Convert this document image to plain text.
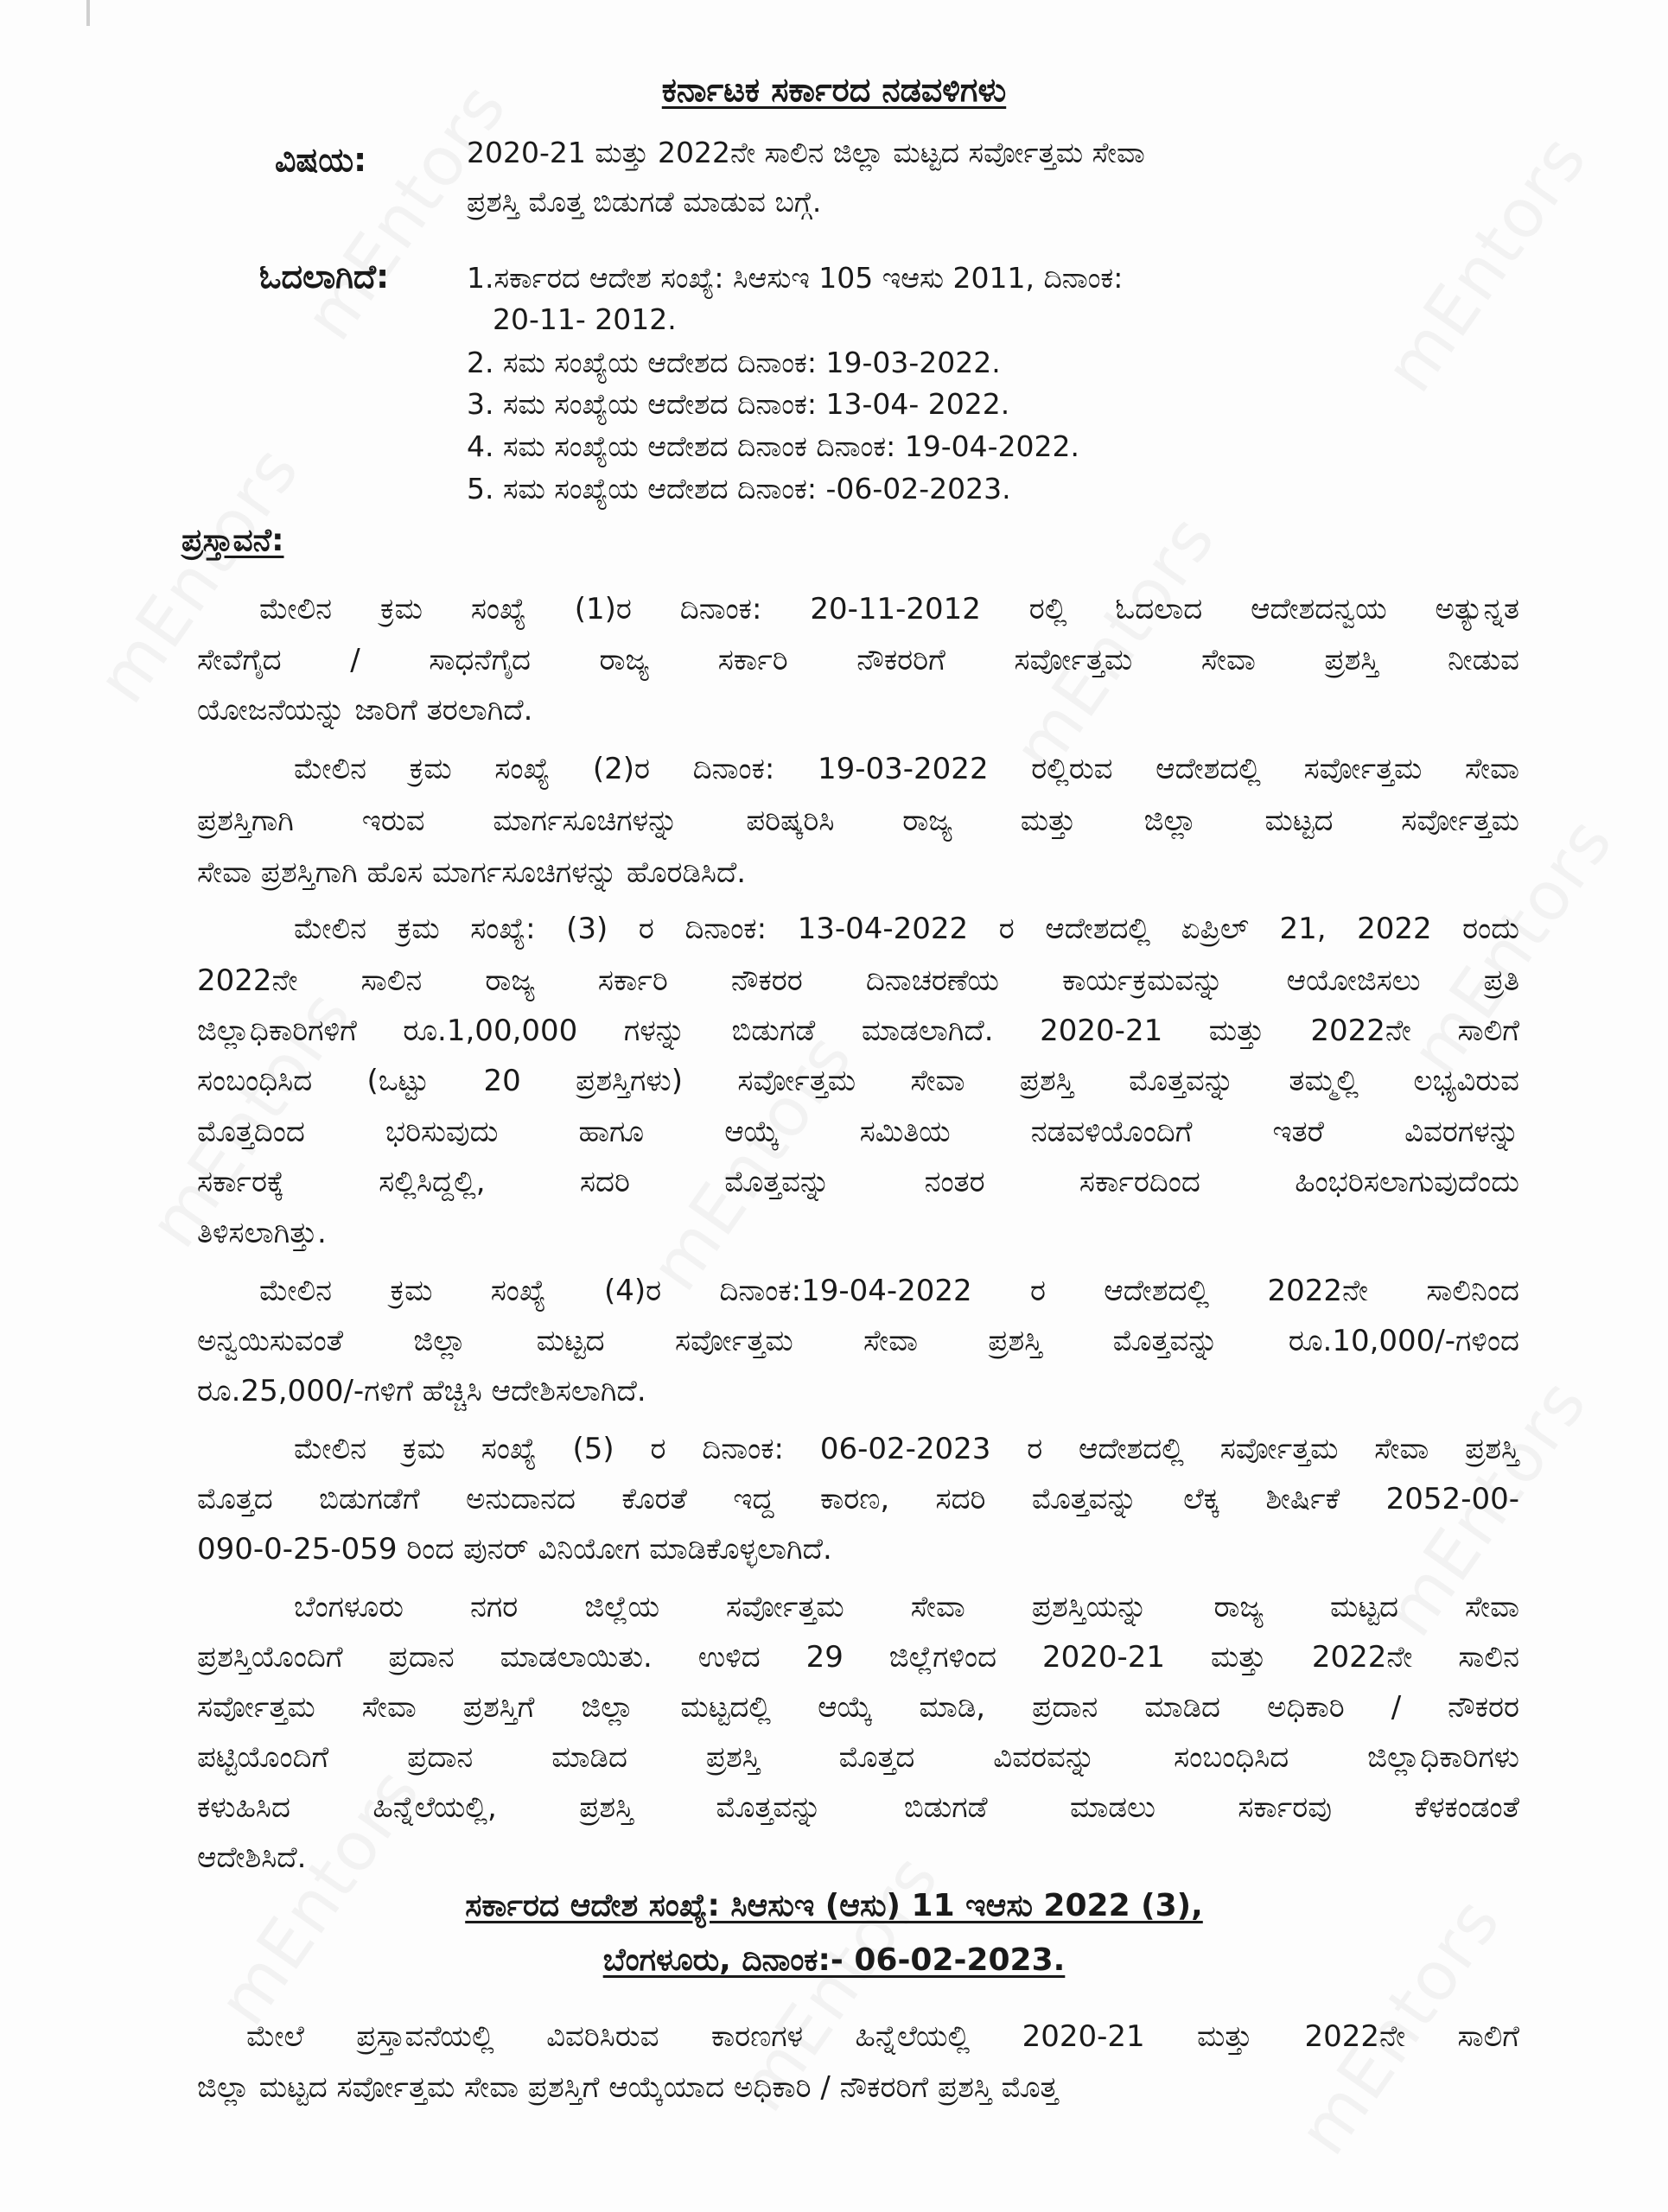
ಕರ್ನಾಟಕ ಸರ್ಕಾರದ ನಡವಳಿಗಳು
ವಿಷಯ:	2020-21 ಮತ್ತು 2022ನೇ ಸಾಲಿನ ಜಿಲ್ಲಾ ಮಟ್ಟದ ಸರ್ವೋತ್ತಮ ಸೇವಾ
ಪ್ರಶಸ್ತಿ ಮೊತ್ತ ಬಿಡುಗಡೆ ಮಾಡುವ ಬಗ್ಗೆ.
ಓದಲಾಗಿದೆ:	1.ಸರ್ಕಾರದ ಆದೇಶ ಸಂಖ್ಯೆ: ಸಿಆಸುಇ 105 ಇಆಸು 2011, ದಿನಾಂಕ:
20-11- 2012.
2. ಸಮ ಸಂಖ್ಯೆಯ ಆದೇಶದ ದಿನಾಂಕ: 19-03-2022.
3. ಸಮ ಸಂಖ್ಯೆಯ ಆದೇಶದ ದಿನಾಂಕ: 13-04- 2022.
4. ಸಮ ಸಂಖ್ಯೆಯ ಆದೇಶದ ದಿನಾಂಕ ದಿನಾಂಕ: 19-04-2022.
5. ಸಮ ಸಂಖ್ಯೆಯ ಆದೇಶದ ದಿನಾಂಕ: -06-02-2023.
ಪ್ರಸ್ತಾವನೆ:
ಮೇಲಿನ ಕ್ರಮ ಸಂಖ್ಯೆ (1)ರ ದಿನಾಂಕ: 20-11-2012 ರಲ್ಲಿ ಓದಲಾದ ಆದೇಶದನ್ವಯ ಅತ್ಯುನ್ನತ
ಸೇವೆಗೈದ / ಸಾಧನೆಗೈದ ರಾಜ್ಯ ಸರ್ಕಾರಿ ನೌಕರರಿಗೆ ಸರ್ವೋತ್ತಮ ಸೇವಾ ಪ್ರಶಸ್ತಿ ನೀಡುವ
ಯೋಜನೆಯನ್ನು ಜಾರಿಗೆ ತರಲಾಗಿದೆ.
ಮೇಲಿನ ಕ್ರಮ ಸಂಖ್ಯೆ (2)ರ ದಿನಾಂಕ: 19-03-2022 ರಲ್ಲಿರುವ ಆದೇಶದಲ್ಲಿ ಸರ್ವೋತ್ತಮ ಸೇವಾ
ಪ್ರಶಸ್ತಿಗಾಗಿ ಇರುವ ಮಾರ್ಗಸೂಚಿಗಳನ್ನು ಪರಿಷ್ಕರಿಸಿ ರಾಜ್ಯ ಮತ್ತು ಜಿಲ್ಲಾ ಮಟ್ಟದ ಸರ್ವೋತ್ತಮ
ಸೇವಾ ಪ್ರಶಸ್ತಿಗಾಗಿ ಹೊಸ ಮಾರ್ಗಸೂಚಿಗಳನ್ನು ಹೊರಡಿಸಿದೆ.
ಮೇಲಿನ ಕ್ರಮ ಸಂಖ್ಯೆ: (3) ರ ದಿನಾಂಕ: 13-04-2022 ರ ಆದೇಶದಲ್ಲಿ ಏಪ್ರಿಲ್ 21, 2022 ರಂದು
2022ನೇ ಸಾಲಿನ ರಾಜ್ಯ ಸರ್ಕಾರಿ ನೌಕರರ ದಿನಾಚರಣೆಯ ಕಾರ್ಯಕ್ರಮವನ್ನು ಆಯೋಜಿಸಲು ಪ್ರತಿ
ಜಿಲ್ಲಾಧಿಕಾರಿಗಳಿಗೆ ರೂ.1,00,000 ಗಳನ್ನು ಬಿಡುಗಡೆ ಮಾಡಲಾಗಿದೆ. 2020-21 ಮತ್ತು 2022ನೇ ಸಾಲಿಗೆ
ಸಂಬಂಧಿಸಿದ (ಒಟ್ಟು 20 ಪ್ರಶಸ್ತಿಗಳು) ಸರ್ವೋತ್ತಮ ಸೇವಾ ಪ್ರಶಸ್ತಿ ಮೊತ್ತವನ್ನು ತಮ್ಮಲ್ಲಿ ಲಭ್ಯವಿರುವ
ಮೊತ್ತದಿಂದ ಭರಿಸುವುದು ಹಾಗೂ ಆಯ್ಕೆ ಸಮಿತಿಯ ನಡವಳಿಯೊಂದಿಗೆ ಇತರೆ ವಿವರಗಳನ್ನು
ಸರ್ಕಾರಕ್ಕೆ ಸಲ್ಲಿಸಿದ್ದಲ್ಲಿ, ಸದರಿ ಮೊತ್ತವನ್ನು ನಂತರ ಸರ್ಕಾರದಿಂದ ಹಿಂಭರಿಸಲಾಗುವುದೆಂದು
ತಿಳಿಸಲಾಗಿತ್ತು.
ಮೇಲಿನ ಕ್ರಮ ಸಂಖ್ಯೆ (4)ರ ದಿನಾಂಕ:19-04-2022 ರ ಆದೇಶದಲ್ಲಿ 2022ನೇ ಸಾಲಿನಿಂದ
ಅನ್ವಯಿಸುವಂತೆ ಜಿಲ್ಲಾ ಮಟ್ಟದ ಸರ್ವೋತ್ತಮ ಸೇವಾ ಪ್ರಶಸ್ತಿ ಮೊತ್ತವನ್ನು ರೂ.10,000/-ಗಳಿಂದ
ರೂ.25,000/-ಗಳಿಗೆ ಹೆಚ್ಚಿಸಿ ಆದೇಶಿಸಲಾಗಿದೆ.
ಮೇಲಿನ ಕ್ರಮ ಸಂಖ್ಯೆ (5) ರ ದಿನಾಂಕ: 06-02-2023 ರ ಆದೇಶದಲ್ಲಿ ಸರ್ವೋತ್ತಮ ಸೇವಾ ಪ್ರಶಸ್ತಿ
ಮೊತ್ತದ ಬಿಡುಗಡೆಗೆ ಅನುದಾನದ ಕೊರತೆ ಇದ್ದ ಕಾರಣ, ಸದರಿ ಮೊತ್ತವನ್ನು ಲೆಕ್ಕ ಶೀರ್ಷಿಕೆ 2052-00-
090-0-25-059 ರಿಂದ ಪುನರ್ ವಿನಿಯೋಗ ಮಾಡಿಕೊಳ್ಳಲಾಗಿದೆ.
ಬೆಂಗಳೂರು ನಗರ ಜಿಲ್ಲೆಯ ಸರ್ವೋತ್ತಮ ಸೇವಾ ಪ್ರಶಸ್ತಿಯನ್ನು ರಾಜ್ಯ ಮಟ್ಟದ ಸೇವಾ
ಪ್ರಶಸ್ತಿಯೊಂದಿಗೆ ಪ್ರದಾನ ಮಾಡಲಾಯಿತು. ಉಳಿದ 29 ಜಿಲ್ಲೆಗಳಿಂದ 2020-21 ಮತ್ತು 2022ನೇ ಸಾಲಿನ
ಸರ್ವೋತ್ತಮ ಸೇವಾ ಪ್ರಶಸ್ತಿಗೆ ಜಿಲ್ಲಾ ಮಟ್ಟದಲ್ಲಿ ಆಯ್ಕೆ ಮಾಡಿ, ಪ್ರದಾನ ಮಾಡಿದ ಅಧಿಕಾರಿ / ನೌಕರರ
ಪಟ್ಟಿಯೊಂದಿಗೆ ಪ್ರದಾನ ಮಾಡಿದ ಪ್ರಶಸ್ತಿ ಮೊತ್ತದ ವಿವರವನ್ನು ಸಂಬಂಧಿಸಿದ ಜಿಲ್ಲಾಧಿಕಾರಿಗಳು
ಕಳುಹಿಸಿದ ಹಿನ್ನೆಲೆಯಲ್ಲಿ, ಪ್ರಶಸ್ತಿ ಮೊತ್ತವನ್ನು ಬಿಡುಗಡೆ ಮಾಡಲು ಸರ್ಕಾರವು ಕೆಳಕಂಡಂತೆ
ಆದೇಶಿಸಿದೆ.
ಸರ್ಕಾರದ ಆದೇಶ ಸಂಖ್ಯೆ: ಸಿಆಸುಇ (ಆಸು) 11 ಇಆಸು 2022 (3),
ಬೆಂಗಳೂರು, ದಿನಾಂಕ:- 06-02-2023.
ಮೇಲೆ ಪ್ರಸ್ತಾವನೆಯಲ್ಲಿ ವಿವರಿಸಿರುವ ಕಾರಣಗಳ ಹಿನ್ನೆಲೆಯಲ್ಲಿ 2020-21 ಮತ್ತು 2022ನೇ ಸಾಲಿಗೆ
ಜಿಲ್ಲಾ ಮಟ್ಟದ ಸರ್ವೋತ್ತಮ ಸೇವಾ ಪ್ರಶಸ್ತಿಗೆ ಆಯ್ಕೆಯಾದ ಅಧಿಕಾರಿ / ನೌಕರರಿಗೆ ಪ್ರಶಸ್ತಿ ಮೊತ್ತ
